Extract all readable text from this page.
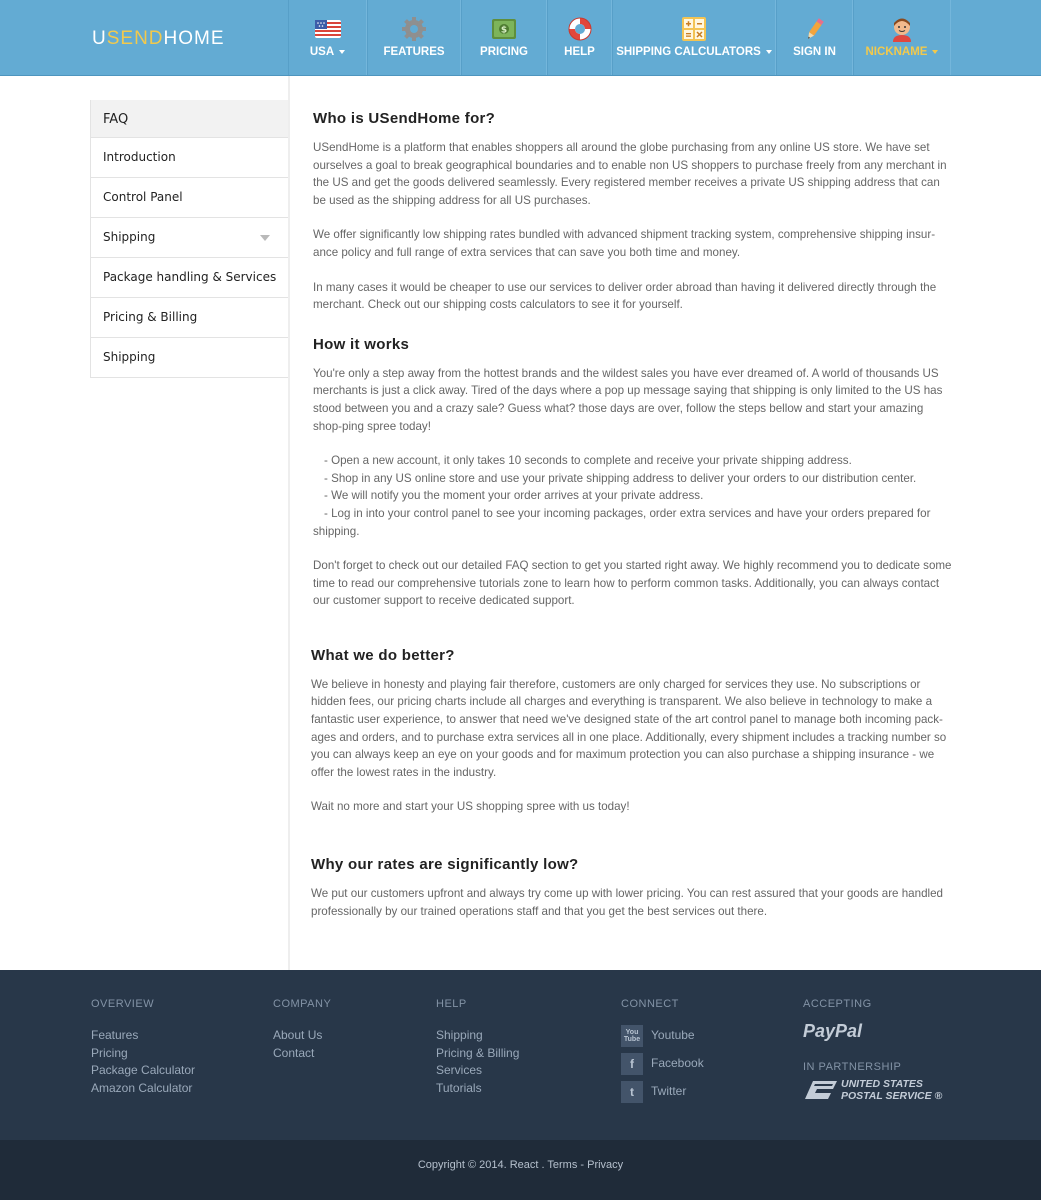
USENDHOME
USA	FEATURES
$
PRICING	HELP SHIPPING CALCULATORS	SIGN IN	NICKNAME
FAQ
Introduction
Control Panel
Shipping
Package handling & Services
Pricing & Billing
Shipping
Who is USendHome for?

USendHome is a platform that enables shoppers all around the globe purchasing from any online US store. We have set ourselves a goal to break geographical boundaries and to enable non US shoppers to purchase freely from any merchant in the US and get the goods delivered seamlessly. Every registered member receives a private US shipping address that can be used as the shipping address for all US purchases.

We offer significantly low shipping rates bundled with advanced shipment tracking system, comprehensive shipping insur-ance policy and full range of extra services that can save you both time and money.

In many cases it would be cheaper to use our services to deliver order abroad than having it delivered directly through the merchant. Check out our shipping costs calculators to see it for yourself.

How it works

You're only a step away from the hottest brands and the wildest sales you have ever dreamed of. A world of thousands US merchants is just a click away. Tired of the days where a pop up message saying that shipping is only limited to the US has stood between you and a crazy sale? Guess what? those days are over, follow the steps bellow and start your amazing shop-ping spree today!

- Open a new account, it only takes 10 seconds to complete and receive your private shipping address.
- Shop in any US online store and use your private shipping address to deliver your orders to our distribution center.
- We will notify you the moment your order arrives at your private address.
- Log in into your control panel to see your incoming packages, order extra services and have your orders prepared for
shipping.

Don't forget to check out our detailed FAQ section to get you started right away. We highly recommend you to dedicate some time to read our comprehensive tutorials zone to learn how to perform common tasks. Additionally, you can always contact our customer support to receive dedicated support.

What we do better?

We believe in honesty and playing fair therefore, customers are only charged for services they use. No subscriptions or hidden fees, our pricing charts include all charges and everything is transparent. We also believe in technology to make a fantastic user experience, to answer that need we've designed state of the art control panel to manage both incoming pack-ages and orders, and to purchase extra services all in one place. Additionally, every shipment includes a tracking number so you can always keep an eye on your goods and for maximum protection you can also purchase a shipping insurance - we offer the lowest rates in the industry.

Wait no more and start your US shopping spree with us today!

Why our rates are significantly low?

We put our customers upfront and always try come up with lower pricing. You can rest assured that your goods are handled professionally by our trained operations staff and that you get the best services out there.

OVERVIEW
Features
Pricing
Package Calculator
Amazon Calculator
COMPANY
About Us
Contact
HELP
Shipping
Pricing & Billing
Services
Tutorials
CONNECT
You Tube Youtube
f	Facebook
t	Twitter
ACCEPTING
PayPal
IN PARTNERSHIP
UNITED STATES
POSTAL SERVICE ®
Copyright © 2014. React . Terms - Privacy
